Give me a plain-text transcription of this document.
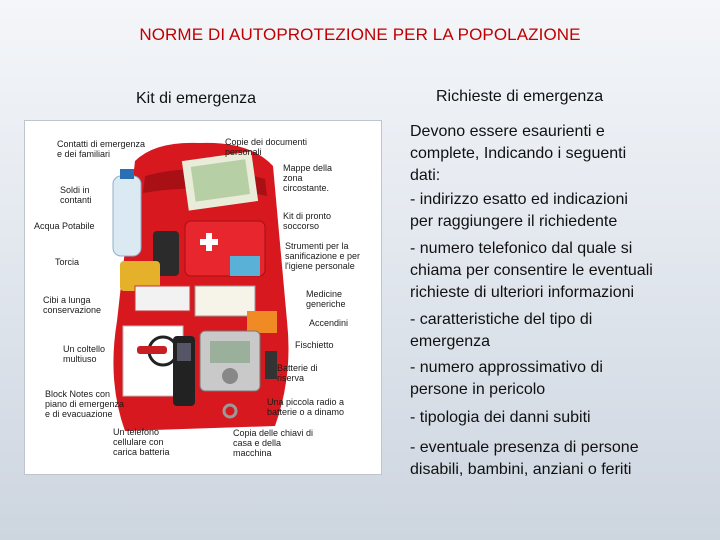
NORME DI AUTOPROTEZIONE PER LA POPOLAZIONE
Kit di emergenza	Richieste di emergenza
Contatti di emergenza
e dei familiari
Copie dei documenti
personali
Mappe della
zona
circostante.
Soldi in
contanti
Kit di pronto
soccorso
Acqua Potabile
Strumenti per la
sanificazione e per
l'igiene personale
Torcia
Cibi a lunga
conservazione
Medicine
generiche
Accendini
Un coltello
multiuso
Fischietto
Batterie di
riserva
Block Notes con
piano di emergenza
e di evacuazione
Una piccola radio a
batterie o a dinamo
Un telefono
cellulare con
carica batteria
Copia delle chiavi di
casa e della
macchina
Devono essere esaurienti e
complete, Indicando i seguenti
dati:
- indirizzo esatto ed indicazioni
per raggiungere il richiedente
- numero telefonico dal quale si
chiama per consentire le eventuali
richieste di ulteriori informazioni
- caratteristiche del tipo di
emergenza
- numero approssimativo di
persone in pericolo
- tipologia dei danni subiti
- eventuale presenza di persone
disabili, bambini, anziani o feriti
